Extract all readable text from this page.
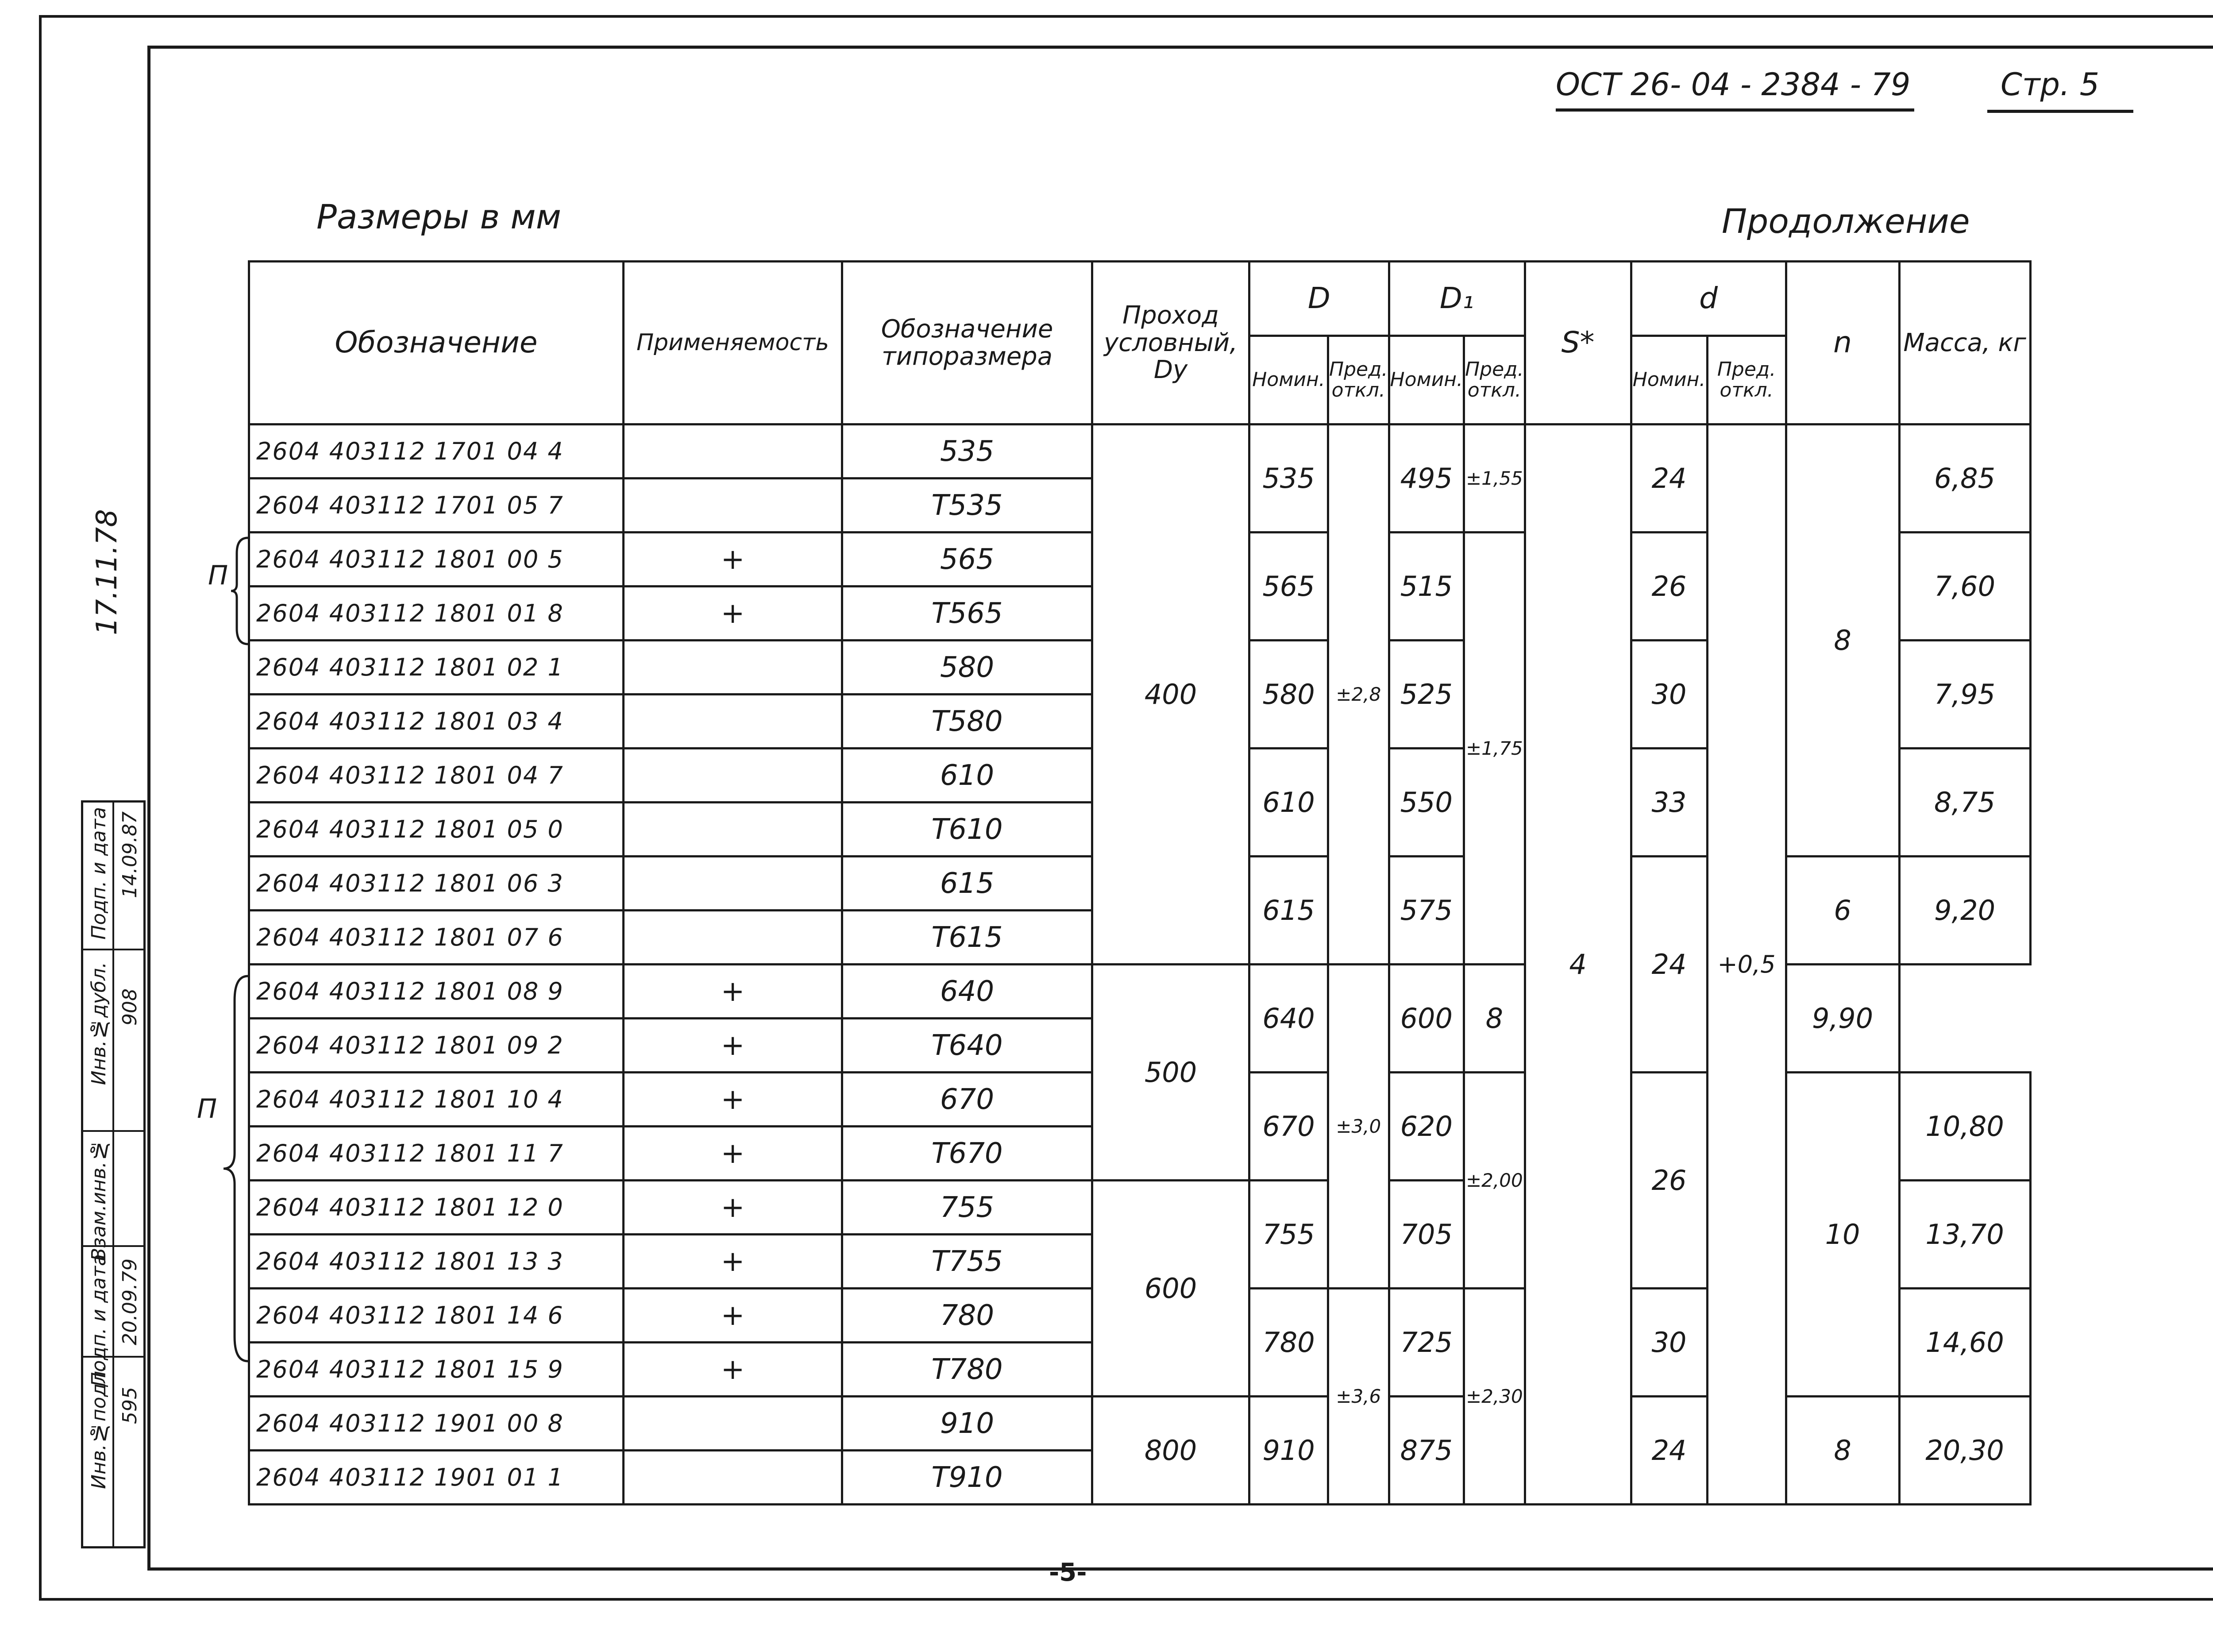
ОСТ 26- 04 - 2384 - 79	Стр. 5
Размеры в мм	Продолжение
Обозначение	Применяемость	Обозначение типоразмера	Проход условный, Dу	D		D₁		S*	d		n	Масса, кг
				Номин.	Пред. откл.	Номин.	Пред. откл.		Номин.	Пред. откл.		
2604 403112 1701 04 4		535	400	535	±2,8	495	±1,55	4	24	+0,5	8	6,85
2604 403112 1701 05 7		Т535										
2604 403112 1801 00 5	+	565		565		515	±1,75		26			7,60
2604 403112 1801 01 8	+	Т565										
2604 403112 1801 02 1		580		580		525			30			7,95
2604 403112 1801 03 4		Т580										
2604 403112 1801 04 7		610		610		550			33			8,75
2604 403112 1801 05 0		Т610										
2604 403112 1801 06 3		615		615		575			24		6	9,20
2604 403112 1801 07 6		Т615										
2604 403112 1801 08 9	+	640	500	640	±3,0	600	8				9,90	
2604 403112 1801 09 2	+	Т640										
2604 403112 1801 10 4	+	670		670		620	±2,00		26		10	10,80
2604 403112 1801 11 7	+	Т670										
2604 403112 1801 12 0	+	755	600	755		705						13,70
2604 403112 1801 13 3	+	Т755										
2604 403112 1801 14 6	+	780		780	±3,6	725	±2,30		30			14,60
2604 403112 1801 15 9	+	Т780										
2604 403112 1901 00 8		910	800	910		875			24		8	20,30
2604 403112 1901 01 1		Т910										
П
П
17.11.78
Подп. и дата 14.09.87
Инв.№дубл. 908
Взам.инв.№
Подп. и дата 20.09.79
Инв.№подл. 595
-5-
